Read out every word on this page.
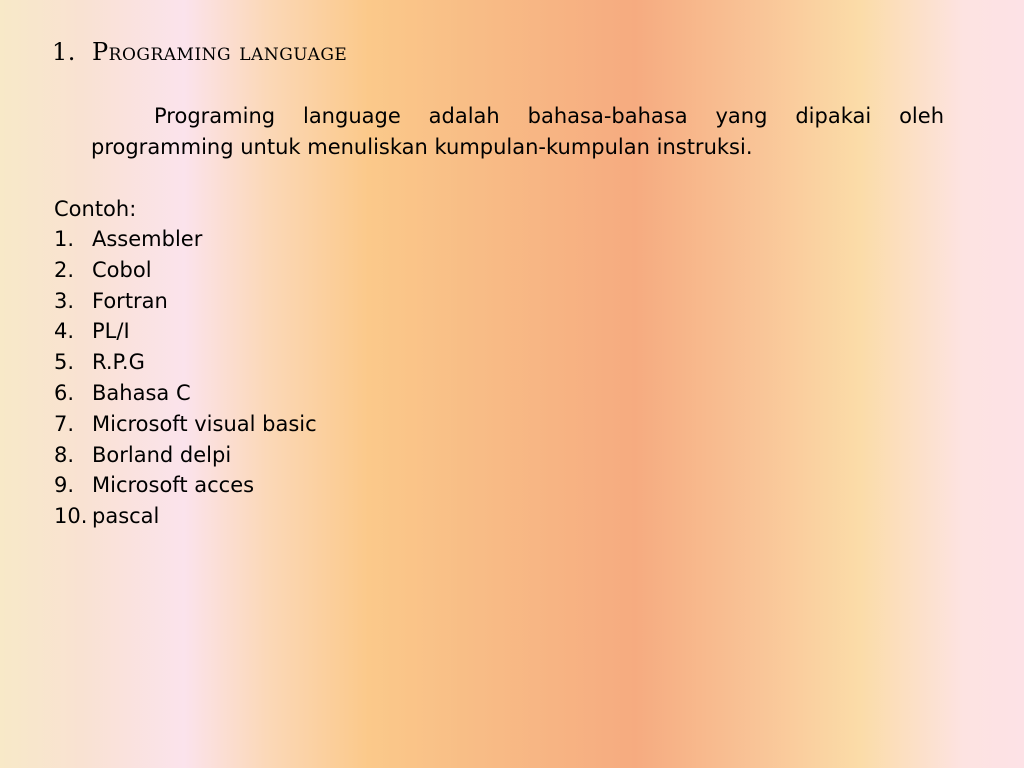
1. Programing language
Programing language adalah bahasa-bahasa yang dipakai oleh programming untuk menuliskan kumpulan-kumpulan instruksi.
Contoh:
1. Assembler
2. Cobol
3. Fortran
4. PL/I
5. R.P.G
6. Bahasa C
7. Microsoft visual basic
8. Borland delpi
9. Microsoft acces
10. pascal
